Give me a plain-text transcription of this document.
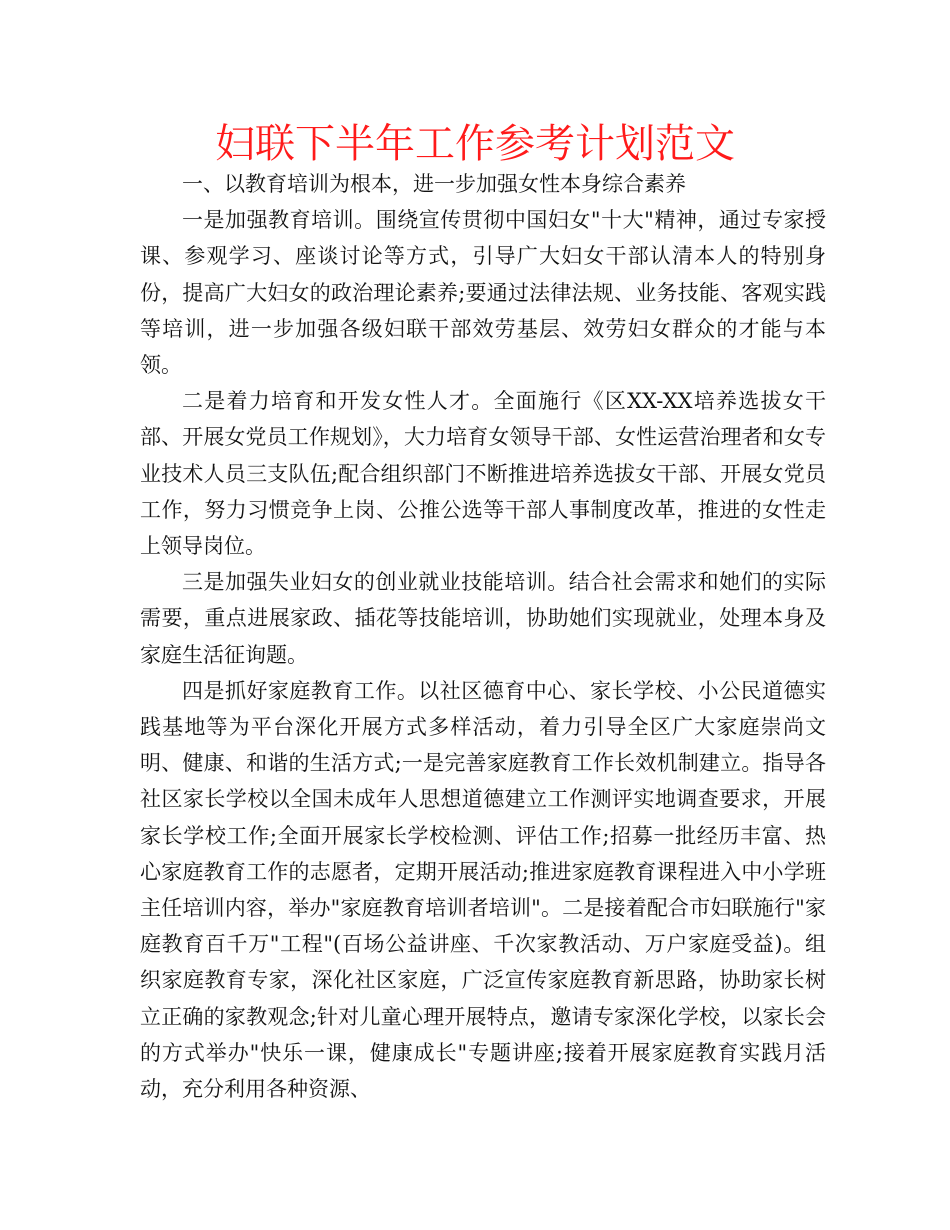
妇联下半年工作参考计划范文

一、以教育培训为根本，进一步加强女性本身综合素养

一是加强教育培训。围绕宣传贯彻中国妇女"十大"精神，通过专家授课、参观学习、座谈讨论等方式，引导广大妇女干部认清本人的特别身份，提高广大妇女的政治理论素养;要通过法律法规、业务技能、客观实践等培训，进一步加强各级妇联干部效劳基层、效劳妇女群众的才能与本领。

二是着力培育和开发女性人才。全面施行《区XX-XX培养选拔女干部、开展女党员工作规划》，大力培育女领导干部、女性运营治理者和女专业技术人员三支队伍;配合组织部门不断推进培养选拔女干部、开展女党员工作，努力习惯竞争上岗、公推公选等干部人事制度改革，推进的女性走上领导岗位。

三是加强失业妇女的创业就业技能培训。结合社会需求和她们的实际需要，重点进展家政、插花等技能培训，协助她们实现就业，处理本身及家庭生活征询题。

四是抓好家庭教育工作。以社区德育中心、家长学校、小公民道德实践基地等为平台深化开展方式多样活动，着力引导全区广大家庭崇尚文明、健康、和谐的生活方式;一是完善家庭教育工作长效机制建立。指导各社区家长学校以全国未成年人思想道德建立工作测评实地调查要求，开展家长学校工作;全面开展家长学校检测、评估工作;招募一批经历丰富、热心家庭教育工作的志愿者，定期开展活动;推进家庭教育课程进入中小学班主任培训内容，举办"家庭教育培训者培训"。二是接着配合市妇联施行"家庭教育百千万"工程"(百场公益讲座、千次家教活动、万户家庭受益)。组织家庭教育专家，深化社区家庭，广泛宣传家庭教育新思路，协助家长树立正确的家教观念;针对儿童心理开展特点，邀请专家深化学校，以家长会的方式举办"快乐一课，健康成长"专题讲座;接着开展家庭教育实践月活动，充分利用各种资源、
